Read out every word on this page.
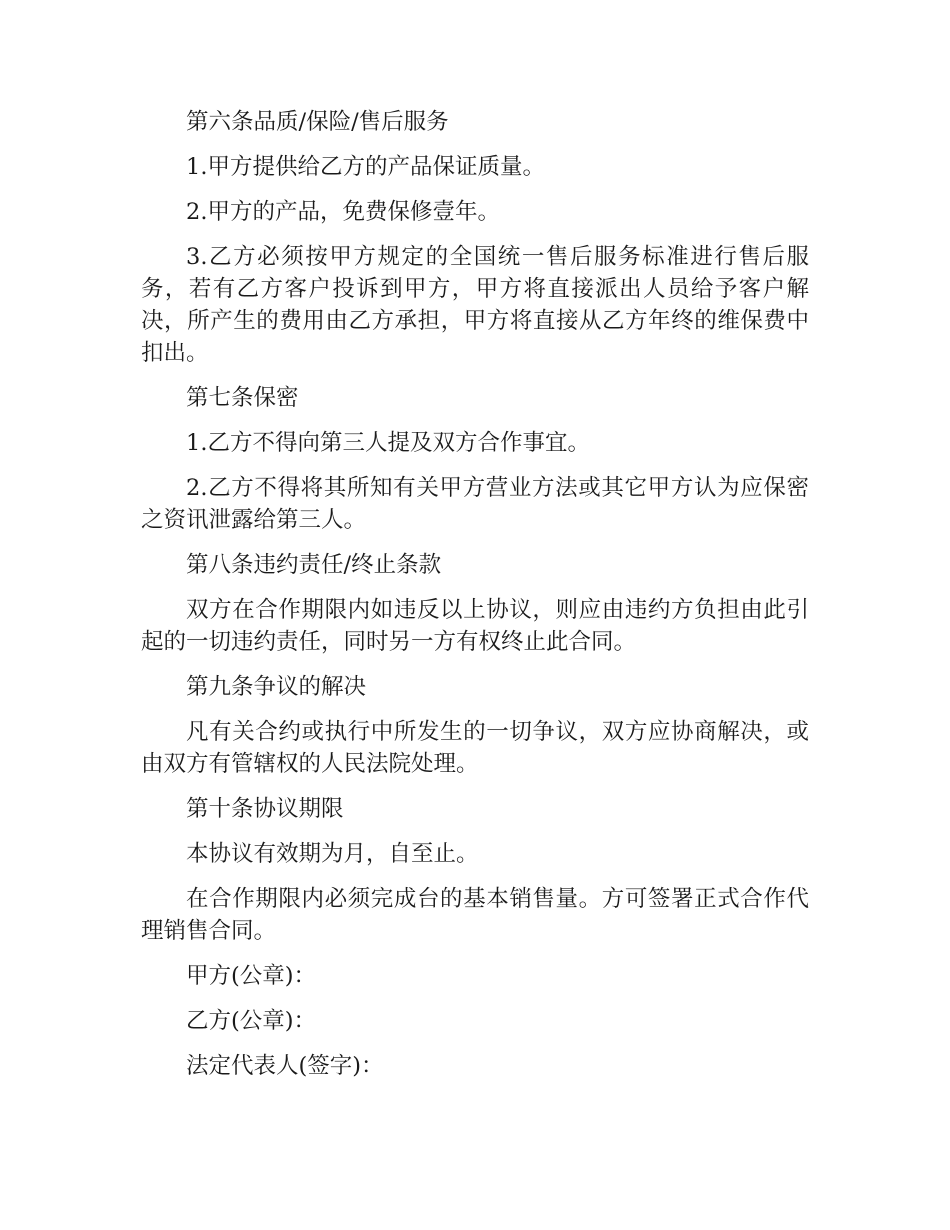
第六条品质/保险/售后服务

1.甲方提供给乙方的产品保证质量。

2.甲方的产品，免费保修壹年。

3.乙方必须按甲方规定的全国统一售后服务标准进行售后服务，若有乙方客户投诉到甲方，甲方将直接派出人员给予客户解决，所产生的费用由乙方承担，甲方将直接从乙方年终的维保费中扣出。

第七条保密

1.乙方不得向第三人提及双方合作事宜。

2.乙方不得将其所知有关甲方营业方法或其它甲方认为应保密之资讯泄露给第三人。

第八条违约责任/终止条款

双方在合作期限内如违反以上协议，则应由违约方负担由此引起的一切违约责任，同时另一方有权终止此合同。

第九条争议的解决

凡有关合约或执行中所发生的一切争议，双方应协商解决，或由双方有管辖权的人民法院处理。

第十条协议期限

本协议有效期为月，自至止。

在合作期限内必须完成台的基本销售量。方可签署正式合作代理销售合同。

甲方(公章)：

乙方(公章)：

法定代表人(签字)：
